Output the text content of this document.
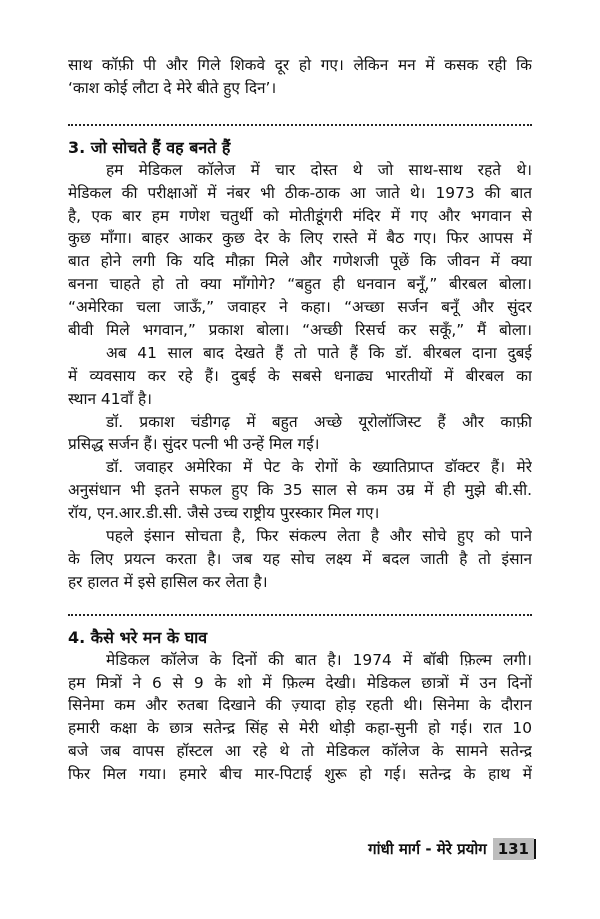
साथ कॉफ़ी पी और गिले शिकवे दूर हो गए। लेकिन मन में कसक रही कि
‘काश कोई लौटा दे मेरे बीते हुए दिन’।
3. जो सोचते हैं वह बनते हैं
हम मेडिकल कॉलेज में चार दोस्त थे जो साथ-साथ रहते थे।
मेडिकल की परीक्षाओं में नंबर भी ठीक-ठाक आ जाते थे। 1973 की बात
है, एक बार हम गणेश चतुर्थी को मोतीडूंगरी मंदिर में गए और भगवान से
कुछ माँगा। बाहर आकर कुछ देर के लिए रास्ते में बैठ गए। फिर आपस में
बात होने लगी कि यदि मौक़ा मिले और गणेशजी पूछें कि जीवन में क्या
बनना चाहते हो तो क्या माँगोगे? “बहुत ही धनवान बनूँ,” बीरबल बोला।
“अमेरिका चला जाऊँ,” जवाहर ने कहा। “अच्छा सर्जन बनूँ और सुंदर
बीवी मिले भगवान,” प्रकाश बोला। “अच्छी रिसर्च कर सकूँ,” मैं बोला।
अब 41 साल बाद देखते हैं तो पाते हैं कि डॉ. बीरबल दाना दुबई
में व्यवसाय कर रहे हैं। दुबई के सबसे धनाढ्य भारतीयों में बीरबल का
स्थान 41वाँ है।
डॉ. प्रकाश चंडीगढ़ में बहुत अच्छे यूरोलॉजिस्ट हैं और काफ़ी
प्रसिद्ध सर्जन हैं। सुंदर पत्नी भी उन्हें मिल गई।
डॉ. जवाहर अमेरिका में पेट के रोगों के ख्यातिप्राप्त डॉक्टर हैं। मेरे
अनुसंधान भी इतने सफल हुए कि 35 साल से कम उम्र में ही मुझे बी.सी.
रॉय, एन.आर.डी.सी. जैसे उच्च राष्ट्रीय पुरस्कार मिल गए।
पहले इंसान सोचता है, फिर संकल्प लेता है और सोचे हुए को पाने
के लिए प्रयत्न करता है। जब यह सोच लक्ष्य में बदल जाती है तो इंसान
हर हालत में इसे हासिल कर लेता है।
4. कैसे भरे मन के घाव
मेडिकल कॉलेज के दिनों की बात है। 1974 में बॉबी फ़िल्म लगी।
हम मित्रों ने 6 से 9 के शो में फ़िल्म देखी। मेडिकल छात्रों में उन दिनों
सिनेमा कम और रुतबा दिखाने की ज़्यादा होड़ रहती थी। सिनेमा के दौरान
हमारी कक्षा के छात्र सतेन्द्र सिंह से मेरी थोड़ी कहा-सुनी हो गई। रात 10
बजे जब वापस हॉस्टल आ रहे थे तो मेडिकल कॉलेज के सामने सतेन्द्र
फिर मिल गया। हमारे बीच मार-पिटाई शुरू हो गई। सतेन्द्र के हाथ में
गांधी मार्ग - मेरे प्रयोग 131
